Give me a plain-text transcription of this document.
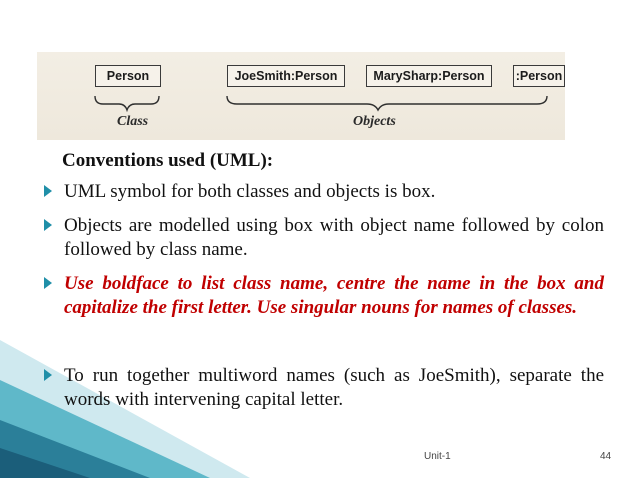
Person	JoeSmith:Person	MarySharp:Person	:Person
Class	Objects
Conventions used (UML):
UML symbol for both classes and objects is box.
Objects are modelled using box with object name followed by colon followed by class name.
Use boldface to list class name, centre the name in the box and capitalize the first letter. Use singular nouns for names of classes.
To run together multiword names (such as JoeSmith), separate the words with intervening capital letter.
Unit-1	44
